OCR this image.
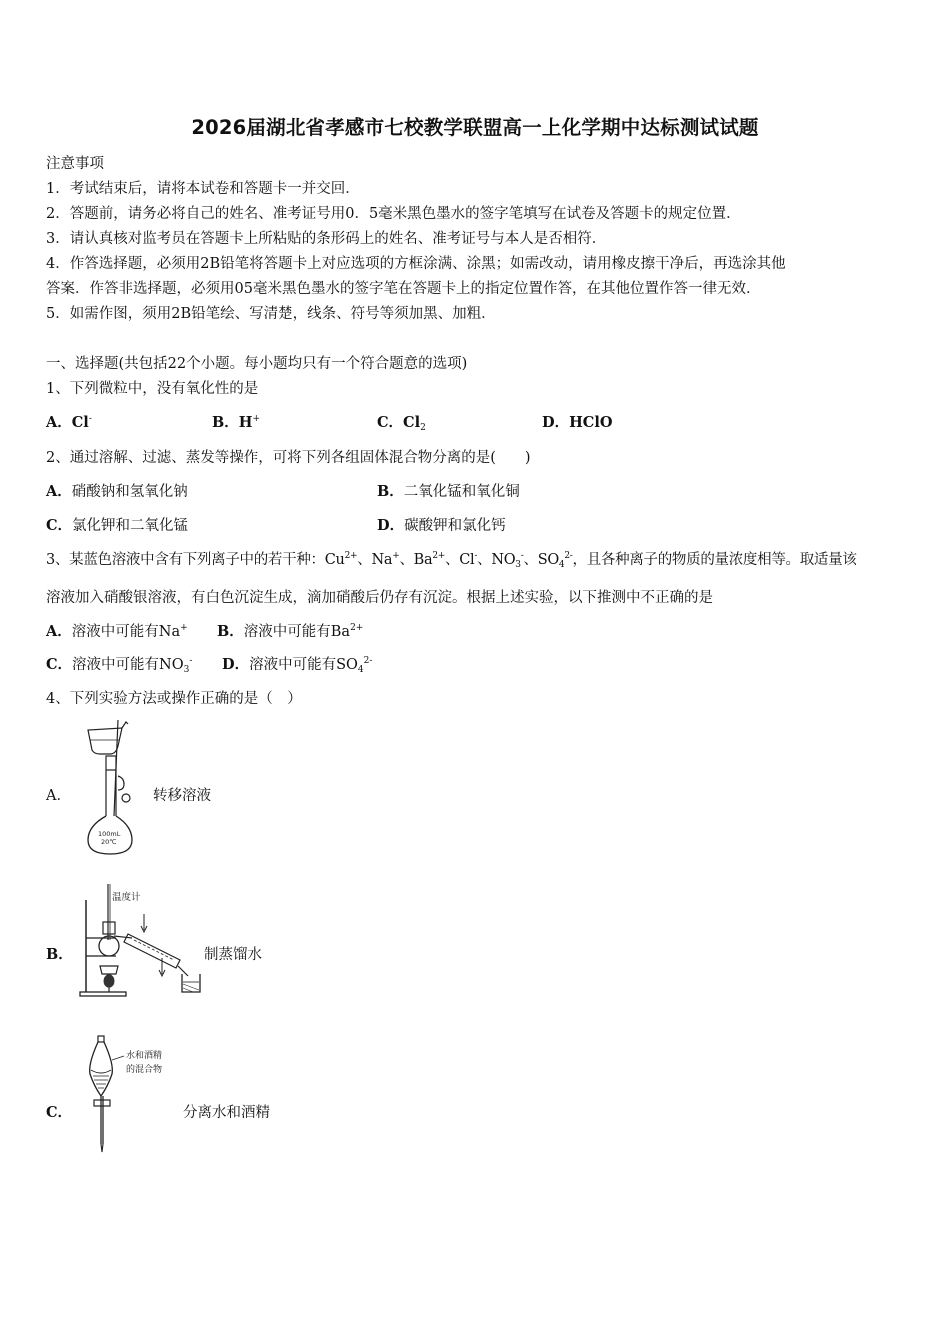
2026届湖北省孝感市七校教学联盟高一上化学期中达标测试试题
注意事项
1．考试结束后，请将本试卷和答题卡一并交回．
2．答题前，请务必将自己的姓名、准考证号用0．5毫米黑色墨水的签字笔填写在试卷及答题卡的规定位置．
3．请认真核对监考员在答题卡上所粘贴的条形码上的姓名、准考证号与本人是否相符．
4．作答选择题，必须用2B铅笔将答题卡上对应选项的方框涂满、涂黑；如需改动，请用橡皮擦干净后，再选涂其他
答案．作答非选择题，必须用05毫米黑色墨水的签字笔在答题卡上的指定位置作答，在其他位置作答一律无效．
5．如需作图，须用2B铅笔绘、写清楚，线条、符号等须加黑、加粗．
一、选择题(共包括22个小题。每小题均只有一个符合题意的选项)
1、下列微粒中，没有氧化性的是
A．Cl-	B．H+	C．$Cl_2$	D．HClO
2、通过溶解、过滤、蒸发等操作，可将下列各组固体混合物分离的是(　　)
A．硝酸钠和氢氧化钠	B．二氧化锰和氧化铜
C．氯化钾和二氧化锰	D．碳酸钾和氯化钙
3、某蓝色溶液中含有下列离子中的若干种：$Cu^{2+}$、Na+、$Ba^{2+}$、Cl-、$NO_3^-$、$SO_4^{2-}$，且各种离子的物质的量浓度相等。取适量该
溶液加入硝酸银溶液，有白色沉淀生成，滴加硝酸后仍存有沉淀。根据上述实验，以下推测中不正确的是
A．溶液中可能有Na+ B．溶液中可能有$Ba^{2+}$
C．溶液中可能有$NO_3^-$ D．溶液中可能有$SO_4^{2-}$
4、下列实验方法或操作正确的是（　）
A．
100mL
20℃
转移溶液
B．
温度计
制蒸馏水
C．
水和酒精
的混合物
分离水和酒精
